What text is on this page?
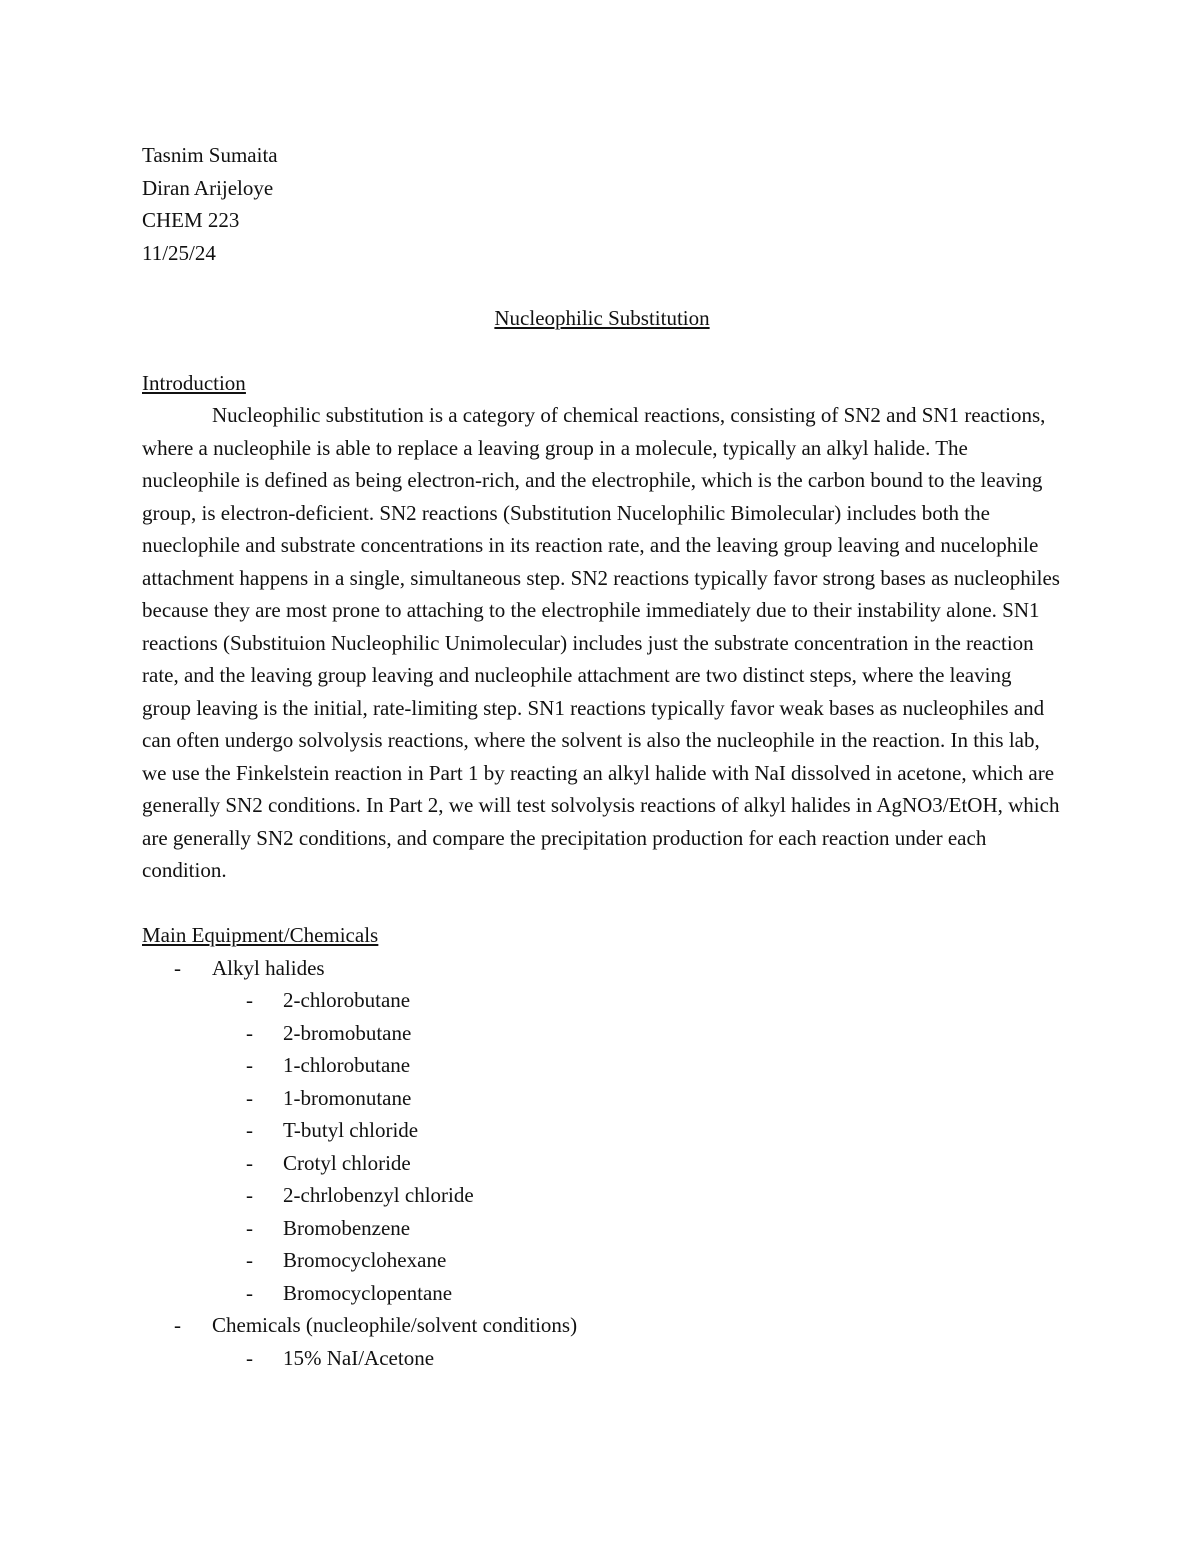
Tasnim Sumaita
Diran Arijeloye
CHEM 223
11/25/24
Nucleophilic Substitution
Introduction

Nucleophilic substitution is a category of chemical reactions, consisting of SN2 and SN1 reactions, where a nucleophile is able to replace a leaving group in a molecule, typically an alkyl halide. The nucleophile is defined as being electron-rich, and the electrophile, which is the carbon bound to the leaving group, is electron-deficient. SN2 reactions (Substitution Nucelophilic Bimolecular) includes both the nueclophile and substrate concentrations in its reaction rate, and the leaving group leaving and nucelophile attachment happens in a single, simultaneous step. SN2 reactions typically favor strong bases as nucleophiles because they are most prone to attaching to the electrophile immediately due to their instability alone. SN1 reactions (Substituion Nucleophilic Unimolecular) includes just the substrate concentration in the reaction rate, and the leaving group leaving and nucleophile attachment are two distinct steps, where the leaving group leaving is the initial, rate-limiting step. SN1 reactions typically favor weak bases as nucleophiles and can often undergo solvolysis reactions, where the solvent is also the nucleophile in the reaction. In this lab, we use the Finkelstein reaction in Part 1 by reacting an alkyl halide with NaI dissolved in acetone, which are generally SN2 conditions. In Part 2, we will test solvolysis reactions of alkyl halides in AgNO3/EtOH, which are generally SN2 conditions, and compare the precipitation production for each reaction under each condition.

Main Equipment/Chemicals
- Alkyl halides
- 2-chlorobutane
- 2-bromobutane
- 1-chlorobutane
- 1-bromonutane
- T-butyl chloride
- Crotyl chloride
- 2-chrlobenzyl chloride
- Bromobenzene
- Bromocyclohexane
- Bromocyclopentane
- Chemicals (nucleophile/solvent conditions)
- 15% NaI/Acetone
